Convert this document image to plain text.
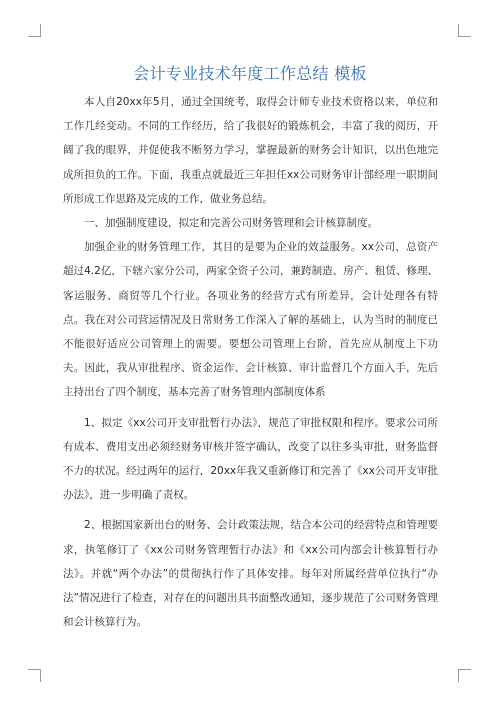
会计专业技术年度工作总结 模板

本人自20xx年5月，通过全国统考，取得会计师专业技术资格以来，单位和工作几经变动。不同的工作经历，给了我很好的锻炼机会，丰富了我的阅历，开阔了我的眼界，并促使我不断努力学习，掌握最新的财务会计知识，以出色地完成所担负的工作。下面，我重点就最近三年担任xx公司财务审计部经理一职期间所形成工作思路及完成的工作，做业务总结。

一、加强制度建设，拟定和完善公司财务管理和会计核算制度。

加强企业的财务管理工作，其目的是要为企业的效益服务。xx公司，总资产超过4.2亿，下辖六家分公司，两家全资子公司，兼跨制造、房产、租赁、修理、客运服务、商贸等几个行业。各项业务的经营方式有所差异，会计处理各有特点。我在对公司营运情况及日常财务工作深入了解的基础上，认为当时的制度已不能很好适应公司管理上的需要。要想公司管理上台阶，首先应从制度上下功夫。因此，我从审批程序、资金运作、会计核算、审计监督几个方面入手，先后主持出台了四个制度，基本完善了财务管理内部制度体系

1、拟定《xx公司开支审批暂行办法》，规范了审批权限和程序。要求公司所有成本、费用支出必须经财务审核并签字确认，改变了以往多头审批，财务监督不力的状况。经过两年的运行，20xx年我又重新修订和完善了《xx公司开支审批办法》，进一步明确了责权。

2、根据国家新出台的财务、会计政策法规，结合本公司的经营特点和管理要求，执笔修订了《xx公司财务管理暂行办法》和《xx公司内部会计核算暂行办法》。并就“两个办法”的贯彻执行作了具体安排。每年对所属经营单位执行“办法”情况进行了检查，对存在的问题出具书面整改通知，逐步规范了公司财务管理和会计核算行为。
